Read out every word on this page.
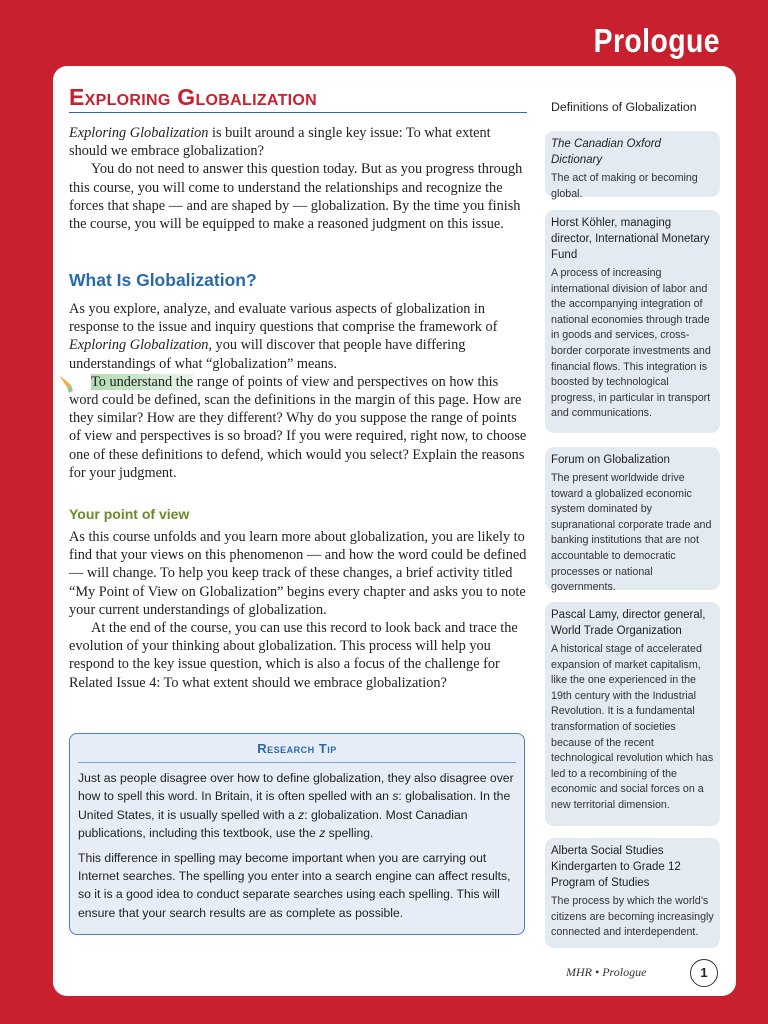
Prologue
Exploring Globalization

Exploring Globalization is built around a single key issue: To what extent should we embrace globalization?

You do not need to answer this question today. But as you progress through this course, you will come to understand the relationships and recognize the forces that shape — and are shaped by — globalization. By the time you finish the course, you will be equipped to make a reasoned judgment on this issue.

What Is Globalization?

As you explore, analyze, and evaluate various aspects of globalization in response to the issue and inquiry questions that comprise the framework of Exploring Globalization, you will discover that people have differing understandings of what “globalization” means.

To understand the range of points of view and perspectives on how this word could be defined, scan the definitions in the margin of this page. How are they similar? How are they different? Why do you suppose the range of points of view and perspectives is so broad? If you were required, right now, to choose one of these definitions to defend, which would you select? Explain the reasons for your judgment.

Your point of view

As this course unfolds and you learn more about globalization, you are likely to find that your views on this phenomenon — and how the word could be defined — will change. To help you keep track of these changes, a brief activity titled “My Point of View on Globalization” begins every chapter and asks you to note your current understandings of globalization.

At the end of the course, you can use this record to look back and trace the evolution of your thinking about globalization. This process will help you respond to the key issue question, which is also a focus of the challenge for Related Issue 4: To what extent should we embrace globalization?

Research Tip

Just as people disagree over how to define globalization, they also disagree over how to spell this word. In Britain, it is often spelled with an s: globalisation. In the United States, it is usually spelled with a z: globalization. Most Canadian publications, including this textbook, use the z spelling.

This difference in spelling may become important when you are carrying out Internet searches. The spelling you enter into a search engine can affect results, so it is a good idea to conduct separate searches using each spelling. This will ensure that your search results are as complete as possible.

Definitions of Globalization

The Canadian Oxford Dictionary

The act of making or becoming global.

Horst Köhler, managing director, International Monetary Fund

A process of increasing international division of labor and the accompanying integration of national economies through trade in goods and services, cross-border corporate investments and financial flows. This integration is boosted by technological progress, in particular in transport and communications.

Forum on Globalization

The present worldwide drive toward a globalized economic system dominated by supranational corporate trade and banking institutions that are not accountable to democratic processes or national governments.

Pascal Lamy, director general, World Trade Organization

A historical stage of accelerated expansion of market capitalism, like the one experienced in the 19th century with the Industrial Revolution. It is a fundamental transformation of societies because of the recent technological revolution which has led to a recombining of the economic and social forces on a new territorial dimension.

Alberta Social Studies Kindergarten to Grade 12 Program of Studies

The process by which the world’s citizens are becoming increasingly connected and interdependent.

MHR • Prologue	1
